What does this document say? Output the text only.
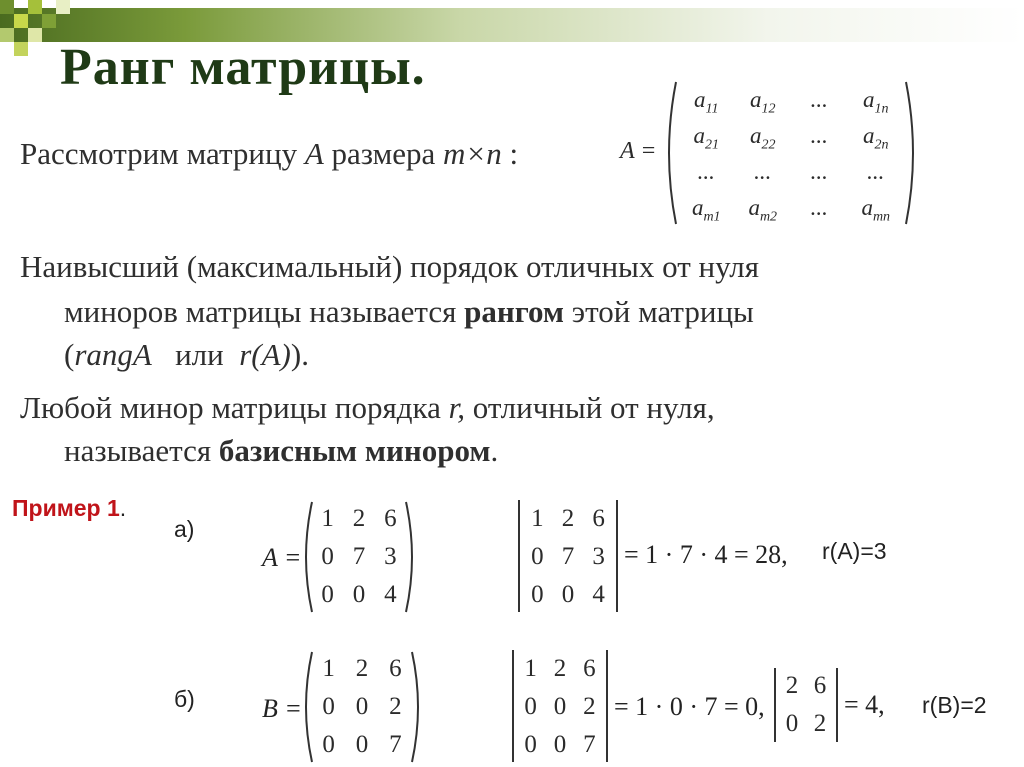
Ранг матрицы.
Рассмотрим матрицу A размера m×n :	A =
$a_{11}$	$a_{12}$	...	$a_{1n}$
$a_{21}$	$a_{22}$	...	$a_{2n}$
...	...	...	...
$a_{m1}$	$a_{m2}$	...	$a_{mn}$
Наивысший (максимальный) порядок отличных от нуля
миноров матрицы называется рангом этой матрицы
(rangA   или  r(A)).
Любой минор матрицы порядка r, отличный от нуля,
называется базисным минором.
Пример 1.
а)
A =
1 2 6
0 7 3
0 0 4
1 2 6
0 7 3
0 0 4
= 1 · 7 · 4 = 28, r(A)=3
б)	B =
1 2 6
0 0 2
0 0 7
1 2 6
0 0 2
0 0 7
= 1 · 0 · 7 = 0,
2 6
0 2
= 4, r(B)=2
